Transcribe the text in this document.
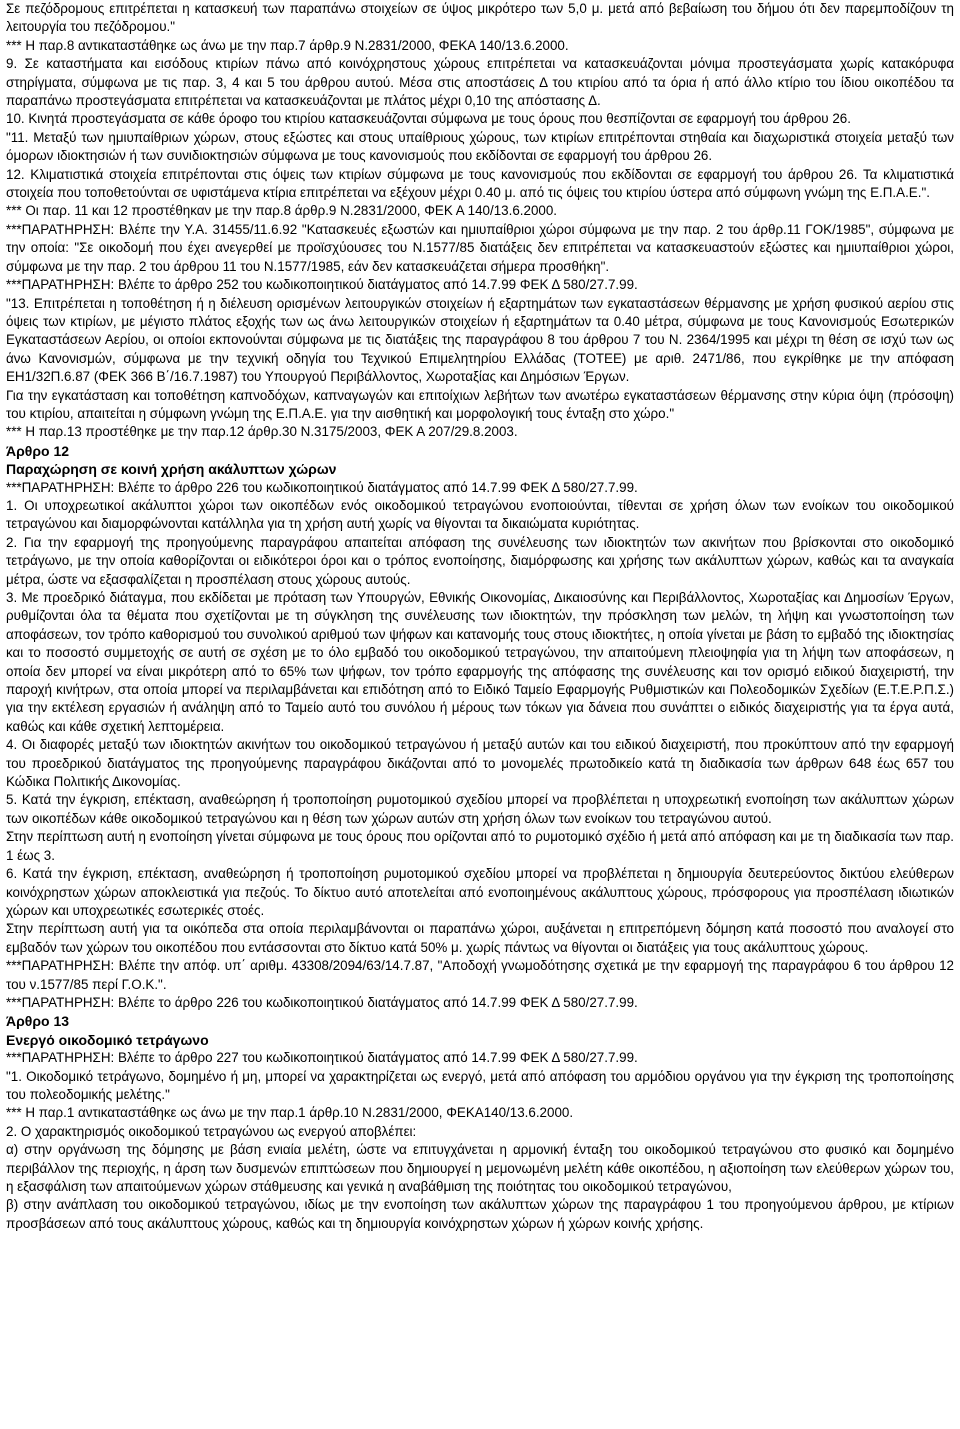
Σε πεζόδρομους επιτρέπεται η κατασκευή των παραπάνω στοιχείων σε ύψος μικρότερο των 5,0 μ. μετά από βεβαίωση του δήμου ότι δεν παρεμποδίζουν τη λειτουργία του πεζόδρομου."

*** Η παρ.8 αντικαταστάθηκε ως άνω με την παρ.7 άρθρ.9 Ν.2831/2000, ΦΕΚΑ 140/13.6.2000.

9. Σε καταστήματα και εισόδους κτιρίων πάνω από κοινόχρηστους χώρους επιτρέπεται να κατασκευάζονται μόνιμα προστεγάσματα χωρίς κατακόρυφα στηρίγματα, σύμφωνα με τις παρ. 3, 4 και 5 του άρθρου αυτού. Μέσα στις αποστάσεις Δ του κτιρίου από τα όρια ή από άλλο κτίριο του ίδιου οικοπέδου τα παραπάνω προστεγάσματα επιτρέπεται να κατασκευάζονται με πλάτος μέχρι 0,10 της απόστασης Δ.

10. Κινητά προστεγάσματα σε κάθε όροφο του κτιρίου κατασκευάζονται σύμφωνα με τους όρους που θεσπίζονται σε εφαρμογή του άρθρου 26.

"11. Μεταξύ των ημιυπαίθριων χώρων, στους εξώστες και στους υπαίθριους χώρους, των κτιρίων επιτρέπονται στηθαία και διαχωριστικά στοιχεία μεταξύ των όμορων ιδιοκτησιών ή των συνιδιοκτησιών σύμφωνα με τους κανονισμούς που εκδίδονται σε εφαρμογή του άρθρου 26.

12. Κλιματιστικά στοιχεία επιτρέπονται στις όψεις των κτιρίων σύμφωνα με τους κανονισμούς που εκδίδονται σε εφαρμογή του άρθρου 26. Τα κλιματιστικά στοιχεία που τοποθετούνται σε υφιστάμενα κτίρια επιτρέπεται να εξέχουν μέχρι 0.40 μ. από τις όψεις του κτιρίου ύστερα από σύμφωνη γνώμη της Ε.Π.Α.Ε.".

*** Οι παρ. 11 και 12 προστέθηκαν με την παρ.8 άρθρ.9 Ν.2831/2000, ΦΕΚ Α 140/13.6.2000.

***ΠΑΡΑΤΗΡΗΣΗ: Βλέπε την Υ.Α. 31455/11.6.92 "Κατασκευές εξωστών και ημιυπαίθριοι χώροι σύμφωνα με την παρ. 2 του άρθρ.11 ΓΟΚ/1985", σύμφωνα με την οποία: "Σε οικοδομή που έχει ανεγερθεί με προϊσχύουσες του Ν.1577/85 διατάξεις δεν επιτρέπεται να κατασκευαστούν εξώστες και ημιυπαίθριοι χώροι, σύμφωνα με την παρ. 2 του άρθρου 11 του Ν.1577/1985, εάν δεν κατασκευάζεται σήμερα προσθήκη".

***ΠΑΡΑΤΗΡΗΣΗ: Βλέπε το άρθρο 252 του κωδικοποιητικού διατάγματος από 14.7.99 ΦΕΚ Δ 580/27.7.99.

"13. Επιτρέπεται η τοποθέτηση ή η διέλευση ορισμένων λειτουργικών στοιχείων ή εξαρτημάτων των εγκαταστάσεων θέρμανσης με χρήση φυσικού αερίου στις όψεις των κτιρίων, με μέγιστο πλάτος εξοχής των ως άνω λειτουργικών στοιχείων ή εξαρτημάτων τα 0.40 μέτρα, σύμφωνα με τους Κανονισμούς Εσωτερικών Εγκαταστάσεων Αερίου, οι οποίοι εκπονούνται σύμφωνα με τις διατάξεις της παραγράφου 8 του άρθρου 7 του Ν. 2364/1995 και μέχρι τη θέση σε ισχύ των ως άνω Κανονισμών, σύμφωνα με την τεχνική οδηγία του Τεχνικού Επιμελητηρίου Ελλάδας (ΤΟΤΕΕ) με αριθ. 2471/86, που εγκρίθηκε με την απόφαση ΕΗ1/32Π.6.87 (ΦΕΚ 366 Β΄/16.7.1987) του Υπουργού Περιβάλλοντος, Χωροταξίας και Δημόσιων Έργων.

Για την εγκατάσταση και τοποθέτηση καπνοδόχων, καπναγωγών και επιτοίχιων λεβήτων των ανωτέρω εγκαταστάσεων θέρμανσης στην κύρια όψη (πρόσοψη) του κτιρίου, απαιτείται η σύμφωνη γνώμη της Ε.Π.Α.Ε. για την αισθητική και μορφολογική τους ένταξη στο χώρο."

*** Η παρ.13 προστέθηκε με την παρ.12 άρθρ.30 Ν.3175/2003, ΦΕΚ Α 207/29.8.2003.

Άρθρο 12
Παραχώρηση σε κοινή χρήση ακάλυπτων χώρων

***ΠΑΡΑΤΗΡΗΣΗ: Βλέπε το άρθρο 226 του κωδικοποιητικού διατάγματος από 14.7.99 ΦΕΚ Δ 580/27.7.99.

1. Οι υποχρεωτικοί ακάλυπτοι χώροι των οικοπέδων ενός οικοδομικού τετραγώνου ενοποιούνται, τίθενται σε χρήση όλων των ενοίκων του οικοδομικού τετραγώνου και διαμορφώνονται κατάλληλα για τη χρήση αυτή χωρίς να θίγονται τα δικαιώματα κυριότητας.

2. Για την εφαρμογή της προηγούμενης παραγράφου απαιτείται απόφαση της συνέλευσης των ιδιοκτητών των ακινήτων που βρίσκονται στο οικοδομικό τετράγωνο, με την οποία καθορίζονται οι ειδικότεροι όροι και ο τρόπος ενοποίησης, διαμόρφωσης και χρήσης των ακάλυπτων χώρων, καθώς και τα αναγκαία μέτρα, ώστε να εξασφαλίζεται η προσπέλαση στους χώρους αυτούς.

3. Με προεδρικό διάταγμα, που εκδίδεται με πρόταση των Υπουργών, Εθνικής Οικονομίας, Δικαιοσύνης και Περιβάλλοντος, Χωροταξίας και Δημοσίων Έργων, ρυθμίζονται όλα τα θέματα που σχετίζονται με τη σύγκληση της συνέλευσης των ιδιοκτητών, την πρόσκληση των μελών, τη λήψη και γνωστοποίηση των αποφάσεων, τον τρόπο καθορισμού του συνολικού αριθμού των ψήφων και κατανομής τους στους ιδιοκτήτες, η οποία γίνεται με βάση το εμβαδό της ιδιοκτησίας και το ποσοστό συμμετοχής σε αυτή σε σχέση με το όλο εμβαδό του οικοδομικού τετραγώνου, την απαιτούμενη πλειοψηφία για τη λήψη των αποφάσεων, η οποία δεν μπορεί να είναι μικρότερη από το 65% των ψήφων, τον τρόπο εφαρμογής της απόφασης της συνέλευσης και τον ορισμό ειδικού διαχειριστή, την παροχή κινήτρων, στα οποία μπορεί να περιλαμβάνεται και επιδότηση από το Ειδικό Ταμείο Εφαρμογής Ρυθμιστικών και Πολεοδομικών Σχεδίων (Ε.Τ.Ε.Ρ.Π.Σ.) για την εκτέλεση εργασιών ή ανάληψη από το Ταμείο αυτό του συνόλου ή μέρους των τόκων για δάνεια που συνάπτει ο ειδικός διαχειριστής για τα έργα αυτά, καθώς και κάθε σχετική λεπτομέρεια.

4. Οι διαφορές μεταξύ των ιδιοκτητών ακινήτων του οικοδομικού τετραγώνου ή μεταξύ αυτών και του ειδικού διαχειριστή, που προκύπτουν από την εφαρμογή του προεδρικού διατάγματος της προηγούμενης παραγράφου δικάζονται από το μονομελές πρωτοδικείο κατά τη διαδικασία των άρθρων 648 έως 657 του Κώδικα Πολιτικής Δικονομίας.

5. Κατά την έγκριση, επέκταση, αναθεώρηση ή τροποποίηση ρυμοτομικού σχεδίου μπορεί να προβλέπεται η υποχρεωτική ενοποίηση των ακάλυπτων χώρων των οικοπέδων κάθε οικοδομικού τετραγώνου και η θέση των χώρων αυτών στη χρήση όλων των ενοίκων του τετραγώνου αυτού.

Στην περίπτωση αυτή η ενοποίηση γίνεται σύμφωνα με τους όρους που ορίζονται από το ρυμοτομικό σχέδιο ή μετά από απόφαση και με τη διαδικασία των παρ. 1 έως 3.

6. Κατά την έγκριση, επέκταση, αναθεώρηση ή τροποποίηση ρυμοτομικού σχεδίου μπορεί να προβλέπεται η δημιουργία δευτερεύοντος δικτύου ελεύθερων κοινόχρηστων χώρων αποκλειστικά για πεζούς. Το δίκτυο αυτό αποτελείται από ενοποιημένους ακάλυπτους χώρους, πρόσφορους για προσπέλαση ιδιωτικών χώρων και υποχρεωτικές εσωτερικές στοές.

Στην περίπτωση αυτή για τα οικόπεδα στα οποία περιλαμβάνονται οι παραπάνω χώροι, αυξάνεται η επιτρεπόμενη δόμηση κατά ποσοστό που αναλογεί στο εμβαδόν των χώρων του οικοπέδου που εντάσσονται στο δίκτυο κατά 50% μ. χωρίς πάντως να θίγονται οι διατάξεις για τους ακάλυπτους χώρους.

***ΠΑΡΑΤΗΡΗΣΗ: Βλέπε την απόφ. υπ΄ αριθμ. 43308/2094/63/14.7.87, "Αποδοχή γνωμοδότησης σχετικά με την εφαρμογή της παραγράφου 6 του άρθρου 12 του ν.1577/85 περί Γ.Ο.Κ.".

***ΠΑΡΑΤΗΡΗΣΗ: Βλέπε το άρθρο 226 του κωδικοποιητικού διατάγματος από 14.7.99 ΦΕΚ Δ 580/27.7.99.

Άρθρο 13
Ενεργό οικοδομικό τετράγωνο

***ΠΑΡΑΤΗΡΗΣΗ: Βλέπε το άρθρο 227 του κωδικοποιητικού διατάγματος από 14.7.99 ΦΕΚ Δ 580/27.7.99.

"1. Οικοδομικό τετράγωνο, δομημένο ή μη, μπορεί να χαρακτηρίζεται ως ενεργό, μετά από απόφαση του αρμόδιου οργάνου για την έγκριση της τροποποίησης του πολεοδομικής μελέτης."

*** Η παρ.1 αντικαταστάθηκε ως άνω με την παρ.1 άρθρ.10 Ν.2831/2000, ΦΕΚΑ140/13.6.2000.

2. Ο χαρακτηρισμός οικοδομικού τετραγώνου ως ενεργού αποβλέπει:

α) στην οργάνωση της δόμησης με βάση ενιαία μελέτη, ώστε να επιτυγχάνεται η αρμονική ένταξη του οικοδομικού τετραγώνου στο φυσικό και δομημένο περιβάλλον της περιοχής, η άρση των δυσμενών επιπτώσεων που δημιουργεί η μεμονωμένη μελέτη κάθε οικοπέδου, η αξιοποίηση των ελεύθερων χώρων του, η εξασφάλιση των απαιτούμενων χώρων στάθμευσης και γενικά η αναβάθμιση της ποιότητας του οικοδομικού τετραγώνου,

β) στην ανάπλαση του οικοδομικού τετραγώνου, ιδίως με την ενοποίηση των ακάλυπτων χώρων της παραγράφου 1 του προηγούμενου άρθρου, με κτίριων προσβάσεων από τους ακάλυπτους χώρους, καθώς και τη δημιουργία κοινόχρηστων χώρων ή χώρων κοινής χρήσης.
